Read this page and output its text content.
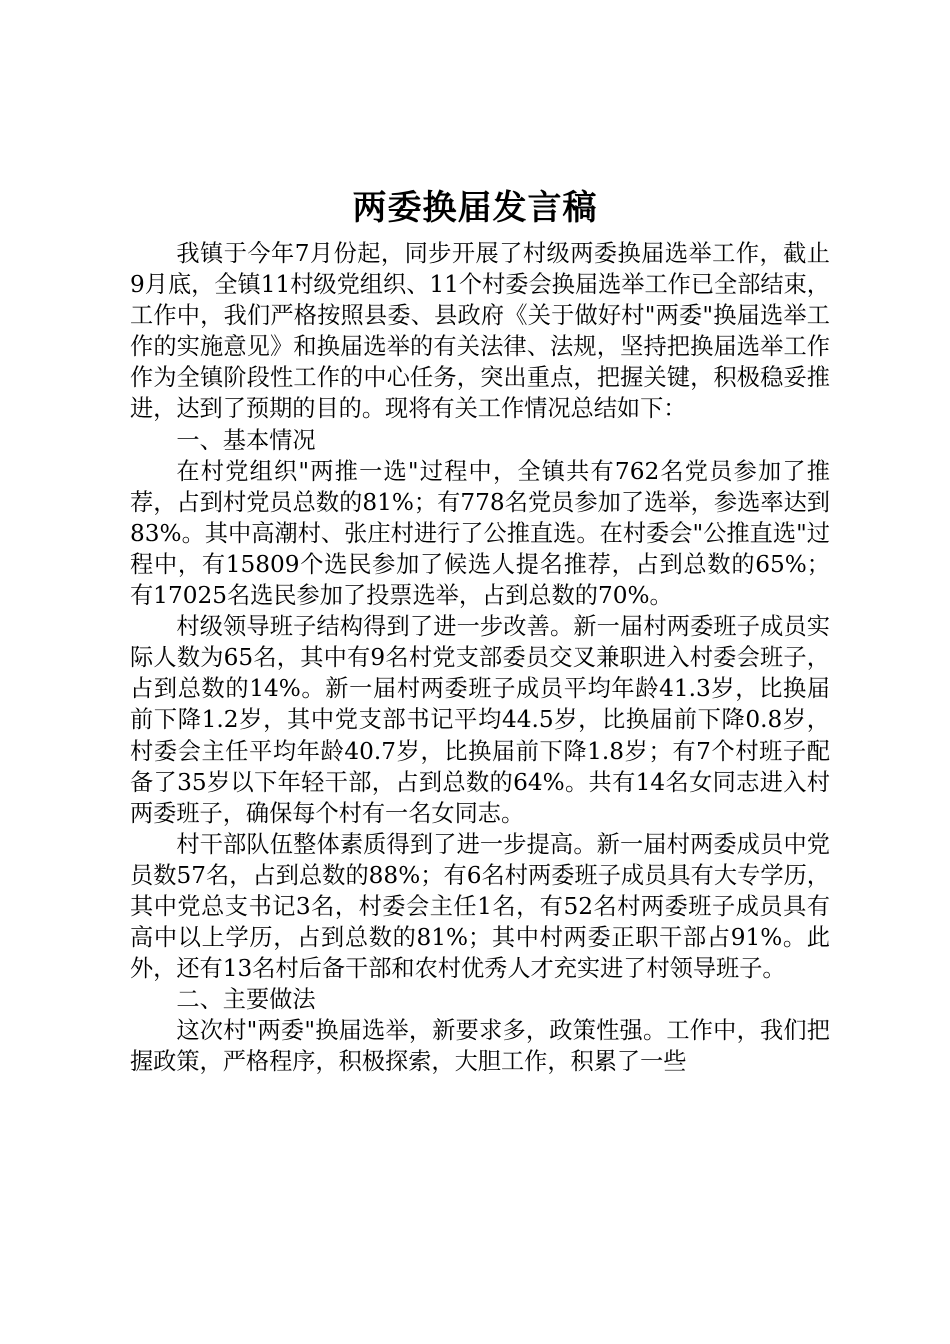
两委换届发言稿

我镇于今年7月份起，同步开展了村级两委换届选举工作，截止9月底，全镇11村级党组织、11个村委会换届选举工作已全部结束，工作中，我们严格按照县委、县政府《关于做好村"两委"换届选举工作的实施意见》和换届选举的有关法律、法规，坚持把换届选举工作作为全镇阶段性工作的中心任务，突出重点，把握关键，积极稳妥推进，达到了预期的目的。现将有关工作情况总结如下：

一、基本情况

在村党组织"两推一选"过程中，全镇共有762名党员参加了推荐，占到村党员总数的81%；有778名党员参加了选举，参选率达到83%。其中高潮村、张庄村进行了公推直选。在村委会"公推直选"过程中，有15809个选民参加了候选人提名推荐，占到总数的65%；有17025名选民参加了投票选举，占到总数的70%。

村级领导班子结构得到了进一步改善。新一届村两委班子成员实际人数为65名，其中有9名村党支部委员交叉兼职进入村委会班子，占到总数的14%。新一届村两委班子成员平均年龄41.3岁，比换届前下降1.2岁，其中党支部书记平均44.5岁，比换届前下降0.8岁，村委会主任平均年龄40.7岁，比换届前下降1.8岁；有7个村班子配备了35岁以下年轻干部，占到总数的64%。共有14名女同志进入村两委班子，确保每个村有一名女同志。

村干部队伍整体素质得到了进一步提高。新一届村两委成员中党员数57名，占到总数的88%；有6名村两委班子成员具有大专学历，其中党总支书记3名，村委会主任1名，有52名村两委班子成员具有高中以上学历，占到总数的81%；其中村两委正职干部占91%。此外，还有13名村后备干部和农村优秀人才充实进了村领导班子。

二、主要做法

这次村"两委"换届选举，新要求多，政策性强。工作中，我们把握政策，严格程序，积极探索，大胆工作，积累了一些
